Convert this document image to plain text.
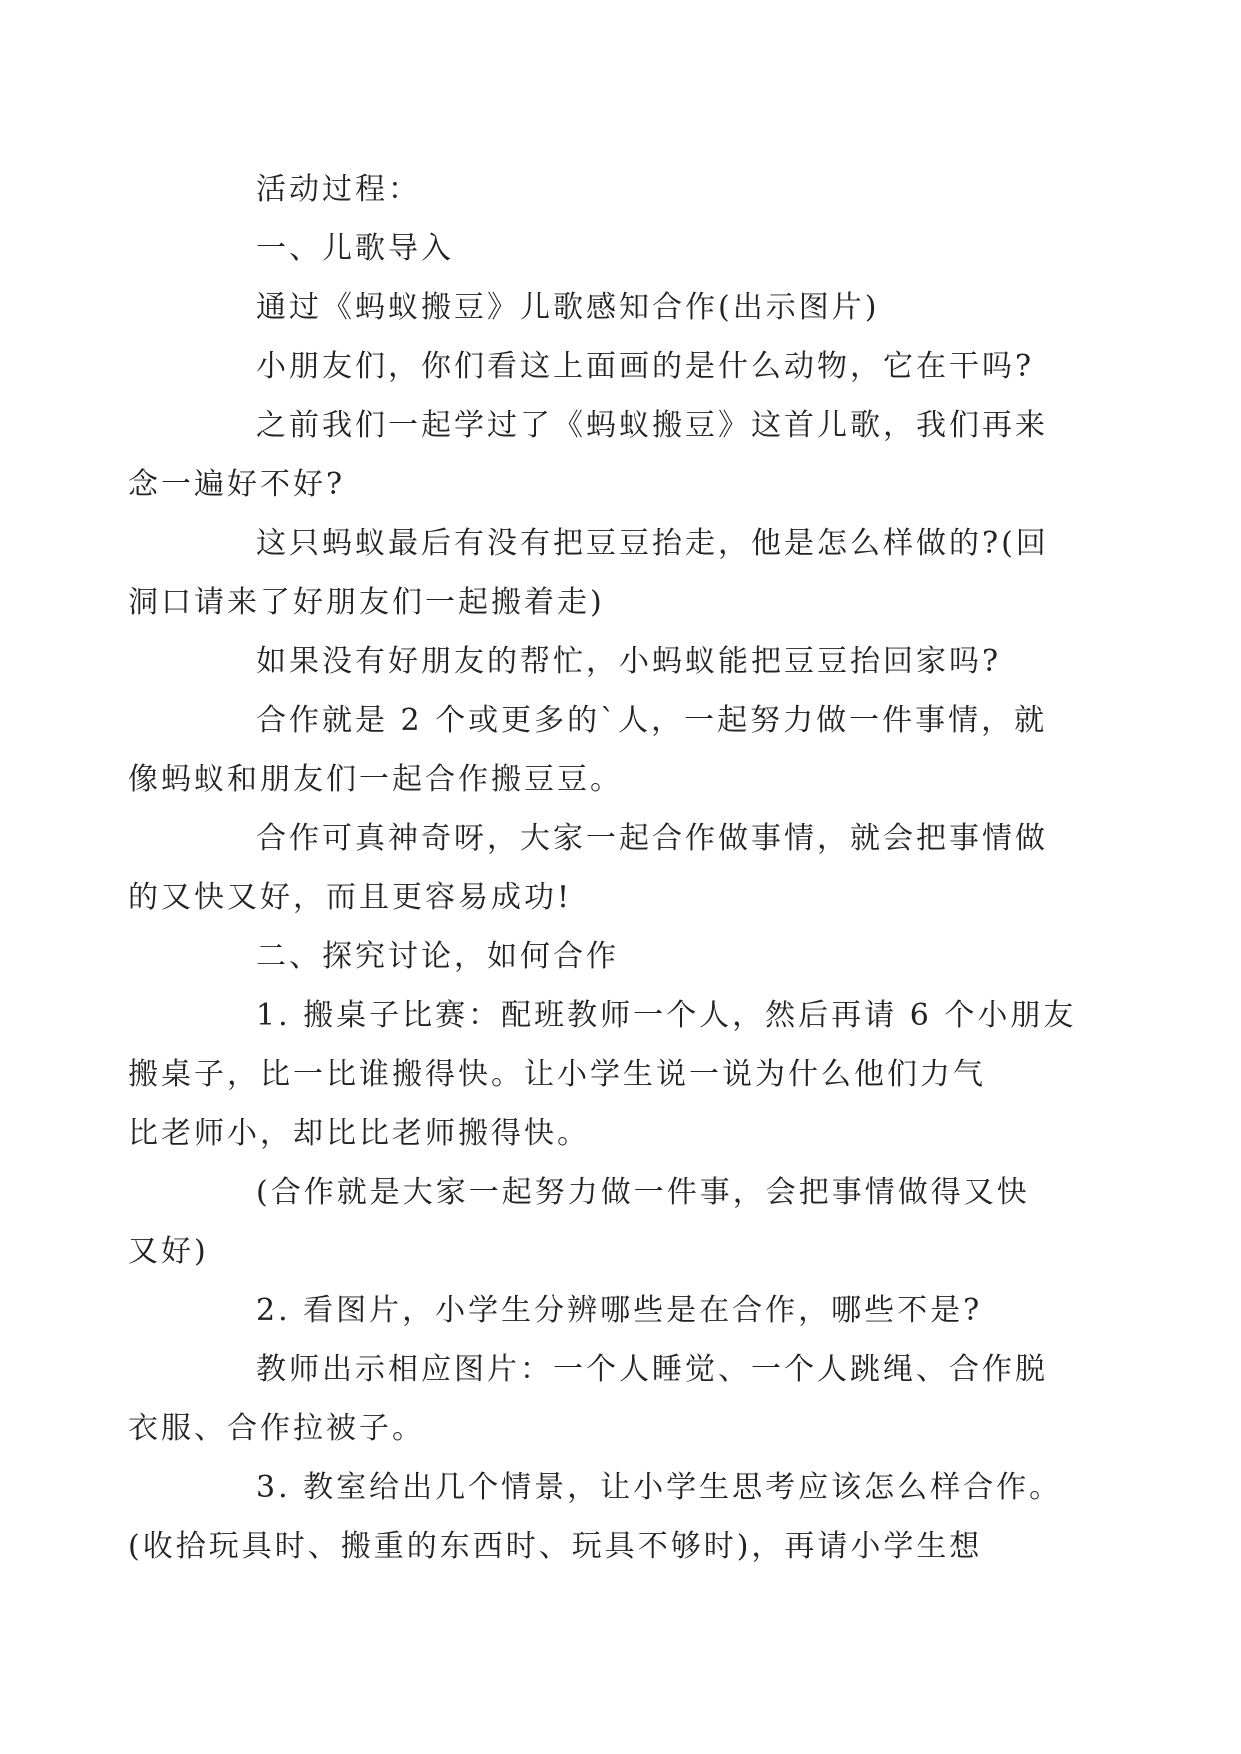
活动过程：

一、儿歌导入

通过《蚂蚁搬豆》儿歌感知合作(出示图片)

小朋友们，你们看这上面画的是什么动物，它在干吗?

之前我们一起学过了《蚂蚁搬豆》这首儿歌，我们再来
念一遍好不好?

这只蚂蚁最后有没有把豆豆抬走，他是怎么样做的?(回
洞口请来了好朋友们一起搬着走)

如果没有好朋友的帮忙，小蚂蚁能把豆豆抬回家吗?

合作就是 2 个或更多的`人，一起努力做一件事情，就
像蚂蚁和朋友们一起合作搬豆豆。

合作可真神奇呀，大家一起合作做事情，就会把事情做
的又快又好，而且更容易成功!

二、探究讨论，如何合作

1. 搬桌子比赛：配班教师一个人，然后再请 6 个小朋友
搬桌子，比一比谁搬得快。让小学生说一说为什么他们力气
比老师小，却比比老师搬得快。

(合作就是大家一起努力做一件事，会把事情做得又快
又好)

2. 看图片，小学生分辨哪些是在合作，哪些不是?

教师出示相应图片：一个人睡觉、一个人跳绳、合作脱
衣服、合作拉被子。

3. 教室给出几个情景，让小学生思考应该怎么样合作。
(收拾玩具时、搬重的东西时、玩具不够时)，再请小学生想
